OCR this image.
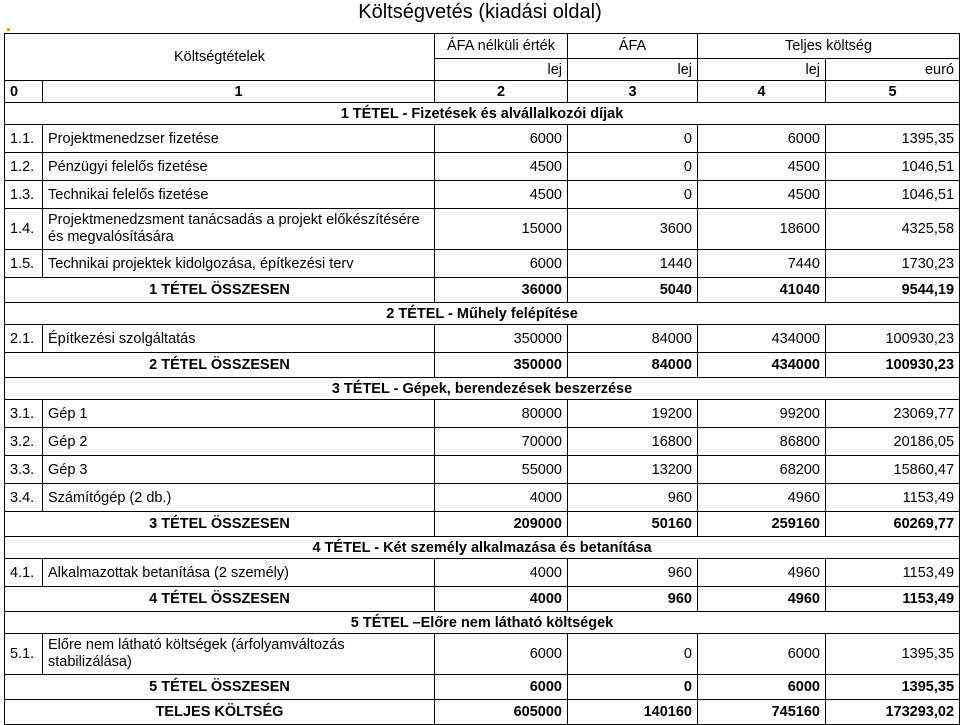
Költségvetés (kiadási oldal)
Költségtételek		ÁFA nélküli érték	ÁFA	Teljes költség	
		lej	lej	lej	euró
0	1	2	3	4	5
1 TÉTEL - Fizetések és alvállalkozói díjak					
1.1.	Projektmenedzser fizetése	6000	0	6000	1395,35
1.2.	Pénzügyi felelős fizetése	4500	0	4500	1046,51
1.3.	Technikai felelős fizetése	4500	0	4500	1046,51
1.4.	Projektmenedzsment tanácsadás a projekt előkészítésére és megvalósítására	15000	3600	18600	4325,58
1.5.	Technikai projektek kidolgozása, építkezési terv	6000	1440	7440	1730,23
1 TÉTEL ÖSSZESEN		36000	5040	41040	9544,19
2 TÉTEL - Műhely felépítése					
2.1.	Építkezési szolgáltatás	350000	84000	434000	100930,23
2 TÉTEL ÖSSZESEN		350000	84000	434000	100930,23
3 TÉTEL - Gépek, berendezések beszerzése					
3.1.	Gép 1	80000	19200	99200	23069,77
3.2.	Gép 2	70000	16800	86800	20186,05
3.3.	Gép 3	55000	13200	68200	15860,47
3.4.	Számítógép (2 db.)	4000	960	4960	1153,49
3 TÉTEL ÖSSZESEN		209000	50160	259160	60269,77
4 TÉTEL - Két személy alkalmazása és betanítása					
4.1.	Alkalmazottak betanítása (2 személy)	4000	960	4960	1153,49
4 TÉTEL ÖSSZESEN		4000	960	4960	1153,49
5 TÉTEL –Előre nem látható költségek					
5.1.	Előre nem látható költségek (árfolyamváltozás stabilizálása)	6000	0	6000	1395,35
5 TÉTEL ÖSSZESEN		6000	0	6000	1395,35
TELJES KÖLTSÉG		605000	140160	745160	173293,02
